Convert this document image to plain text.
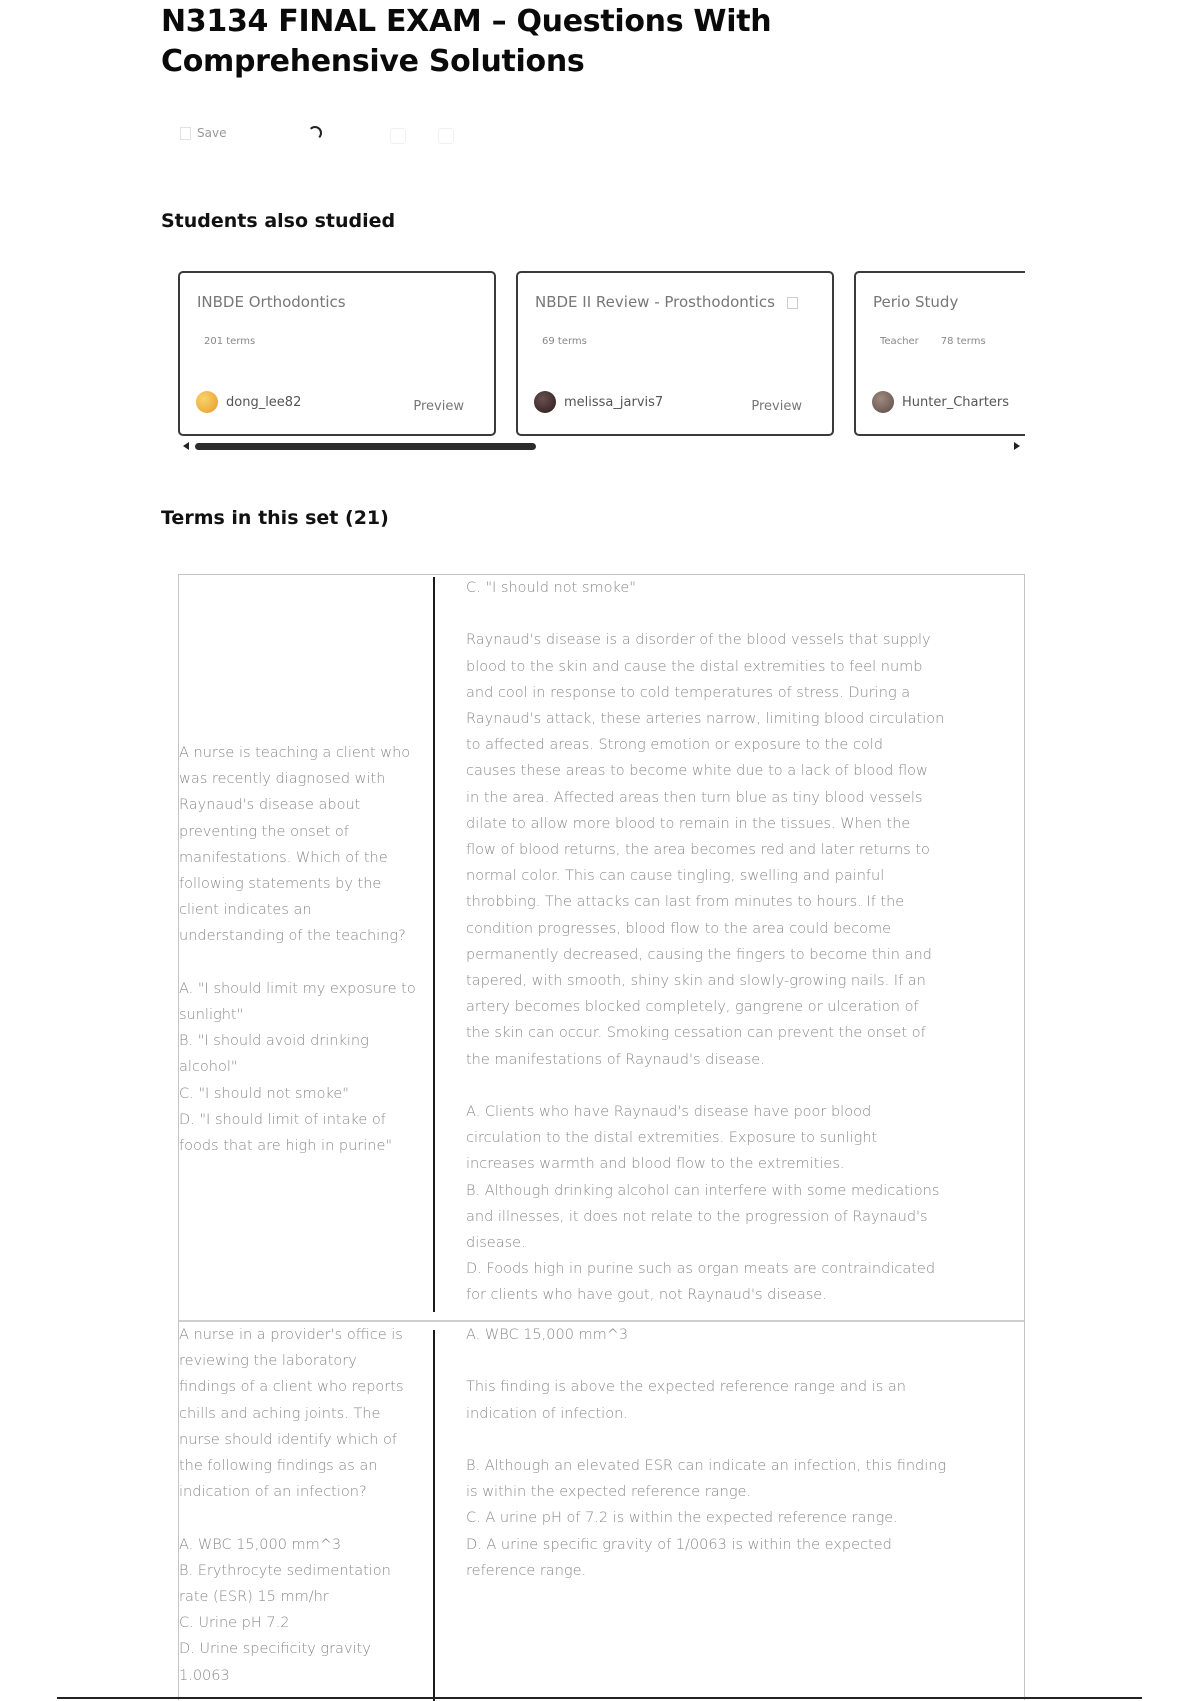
N3134 FINAL EXAM – Questions With Comprehensive Solutions
Save
Students also studied
INBDE Orthodontics
201 terms
dong_lee82	Preview
NBDE II Review - Prosthodontics
69 terms
melissa_jarvis7	Preview
Perio Study
Teacher 78 terms
Hunter_Charters
Terms in this set (21)
A nurse is teaching a client who
was recently diagnosed with
Raynaud's disease about
preventing the onset of
manifestations. Which of the
following statements by the
client indicates an
understanding of the teaching?
A. "I should limit my exposure to
sunlight"
B. "I should avoid drinking
alcohol"
C. "I should not smoke"
D. "I should limit of intake of
foods that are high in purine"
C. "I should not smoke"
Raynaud's disease is a disorder of the blood vessels that supply
blood to the skin and cause the distal extremities to feel numb
and cool in response to cold temperatures of stress. During a
Raynaud's attack, these arteries narrow, limiting blood circulation
to affected areas. Strong emotion or exposure to the cold
causes these areas to become white due to a lack of blood flow
in the area. Affected areas then turn blue as tiny blood vessels
dilate to allow more blood to remain in the tissues. When the
flow of blood returns, the area becomes red and later returns to
normal color. This can cause tingling, swelling and painful
throbbing. The attacks can last from minutes to hours. If the
condition progresses, blood flow to the area could become
permanently decreased, causing the fingers to become thin and
tapered, with smooth, shiny skin and slowly-growing nails. If an
artery becomes blocked completely, gangrene or ulceration of
the skin can occur. Smoking cessation can prevent the onset of
the manifestations of Raynaud's disease.
A. Clients who have Raynaud's disease have poor blood
circulation to the distal extremities. Exposure to sunlight
increases warmth and blood flow to the extremities.
B. Although drinking alcohol can interfere with some medications
and illnesses, it does not relate to the progression of Raynaud's
disease.
D. Foods high in purine such as organ meats are contraindicated
for clients who have gout, not Raynaud's disease.
A nurse in a provider's office is
reviewing the laboratory
findings of a client who reports
chills and aching joints. The
nurse should identify which of
the following findings as an
indication of an infection?
A. WBC 15,000 mm^3
B. Erythrocyte sedimentation
rate (ESR) 15 mm/hr
C. Urine pH 7.2
D. Urine specificity gravity
1.0063
A. WBC 15,000 mm^3
This finding is above the expected reference range and is an
indication of infection.
B. Although an elevated ESR can indicate an infection, this finding
is within the expected reference range.
C. A urine pH of 7.2 is within the expected reference range.
D. A urine specific gravity of 1/0063 is within the expected
reference range.
